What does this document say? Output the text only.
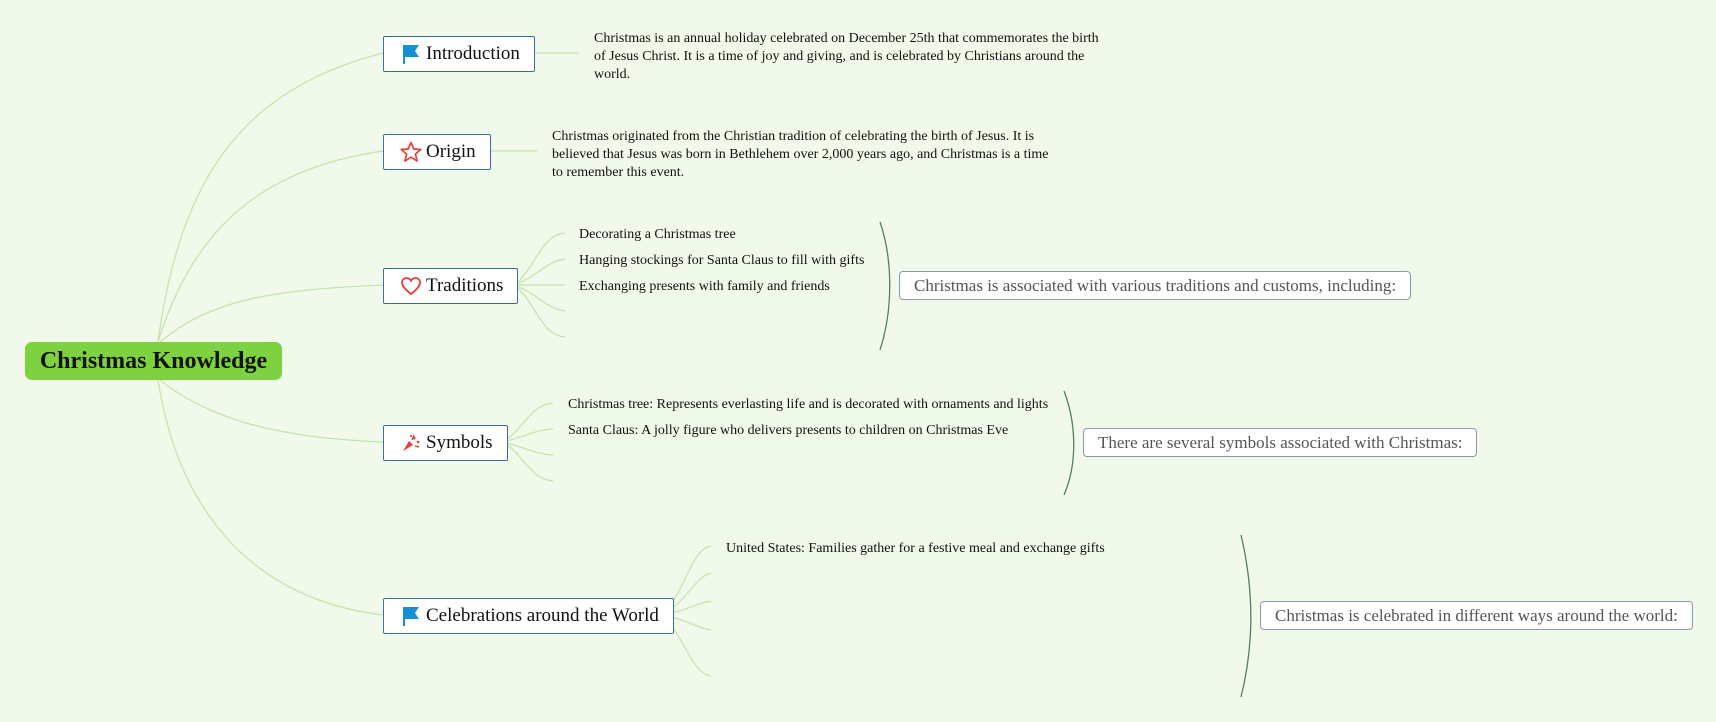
Christmas Knowledge
Introduction
Christmas is an annual holiday celebrated on December 25th that commemorates the birth of Jesus Christ. It is a time of joy and giving, and is celebrated by Christians around the world.
Origin
Christmas originated from the Christian tradition of celebrating the birth of Jesus. It is believed that Jesus was born in Bethlehem over 2,000 years ago, and Christmas is a time to remember this event.
Traditions
Decorating a Christmas tree
Hanging stockings for Santa Claus to fill with gifts
Exchanging presents with family and friends	Christmas is associated with various traditions and customs, including:
Symbols
Christmas tree: Represents everlasting life and is decorated with ornaments and lights
Santa Claus: A jolly figure who delivers presents to children on Christmas Eve
There are several symbols associated with Christmas:
Celebrations around the World
United States: Families gather for a festive meal and exchange gifts
Christmas is celebrated in different ways around the world:
